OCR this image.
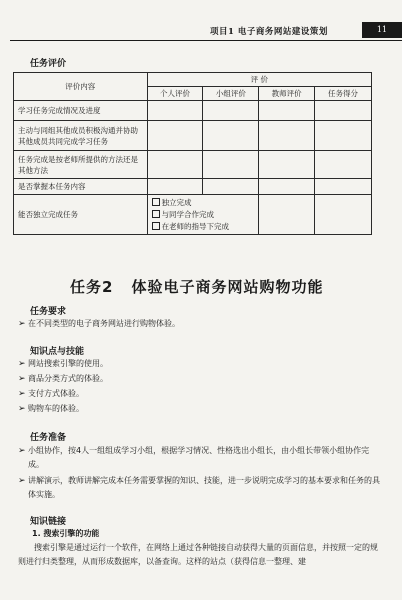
项目1 电子商务网站建设策划	11
任务评价
评价内容	评 价			
	个人评价	小组评价	教师评价	任务得分
学习任务完成情况及进度				
主动与同组其他成员积极沟通并协助其他成员共同完成学习任务				
任务完成是按老师所提供的方法还是其他方法				
是否掌握本任务内容				
能否独立完成任务	独立完成
与同学合作完成
在老师的指导下完成			

任务2 体验电子商务网站购物功能
任务要求
➢ 在不同类型的电子商务网站进行购物体验。
知识点与技能
➢ 网站搜索引擎的使用。
➢ 商品分类方式的体验。
➢ 支付方式体验。
➢ 购物车的体验。
任务准备
➢ 小组协作，按4人一组组成学习小组，根据学习情况、性格选出小组长，由小组长带领小组协作完成。
➢ 讲解演示，教师讲解完成本任务需要掌握的知识、技能，进一步说明完成学习的基本要求和任务的具体实施。
知识链接
1. 搜索引擎的功能
搜索引擎是通过运行一个软件，在网络上通过各种链接自动获得大量的页面信息，并按照一定的规则进行归类整理，从而形成数据库，以备查询。这样的站点（获得信息一整理、建
